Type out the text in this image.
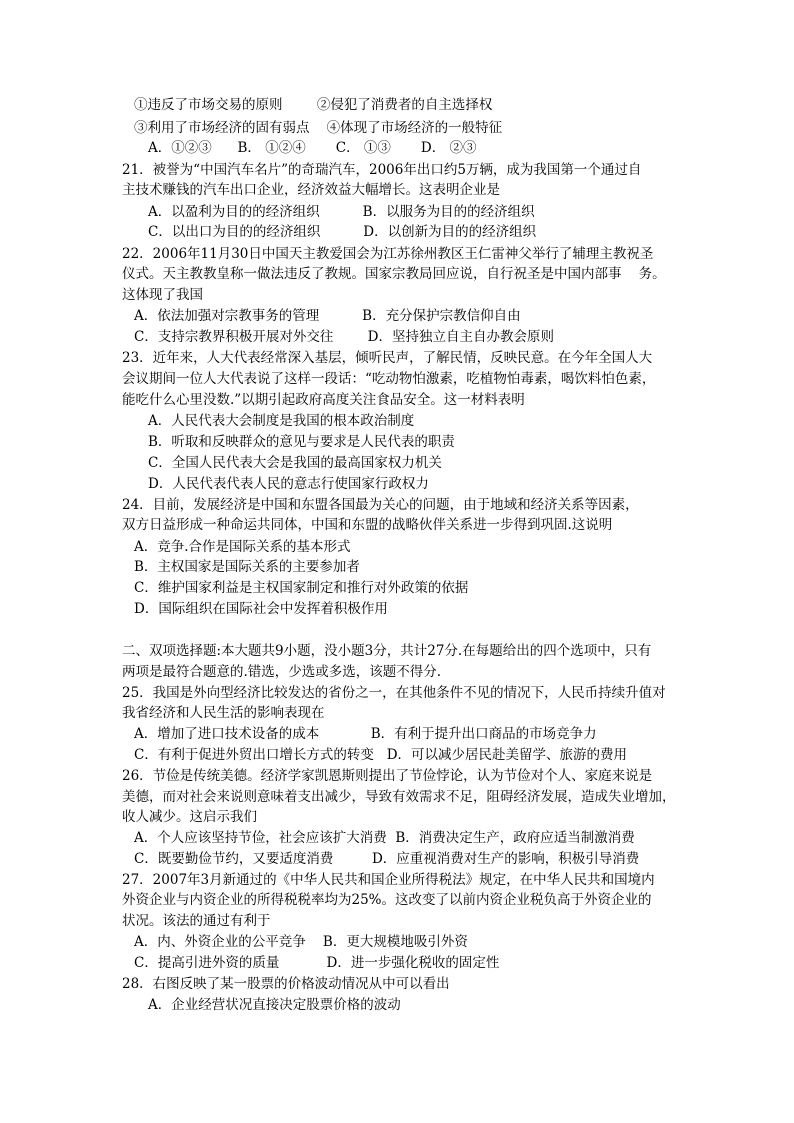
①违反了市场交易的原则        ②侵犯了消费者的自主选择权
③利用了市场经济的固有弱点    ④体现了市场经济的一般特征
A．①②③      B． ①②④       C． ①③       D． ②③
21．被誉为“中国汽车名片”的奇瑞汽车，2006年出口约5万辆，成为我国第一个通过自
主技术赚钱的汽车出口企业，经济效益大幅增长。这表明企业是
A．以盈利为目的的经济组织          B．以服务为目的的经济组织
C．以出口为目的的经济组织          D．以创新为目的的经济组织
22．2006年11月30日中国天主教爱国会为江苏徐州教区王仁雷神父举行了辅理主教祝圣
仪式。天主教教皇称一做法违反了教规。国家宗教局回应说，自行祝圣是中国内部事    务。
这体现了我国
A．依法加强对宗教事务的管理          B．充分保护宗教信仰自由
C．支持宗教界积极开展对外交往        D．坚持独立自主自办教会原则
23．近年来，人大代表经常深入基层，倾听民声，了解民情，反映民意。在今年全国人大
会议期间一位人大代表说了这样一段话：“吃动物怕激素，吃植物怕毒素，喝饮料怕色素，
能吃什么心里没数.”以期引起政府高度关注食品安全。这一材料表明
A．人民代表大会制度是我国的根本政治制度
B．听取和反映群众的意见与要求是人民代表的职责
C．全国人民代表大会是我国的最高国家权力机关
D．人民代表代表人民的意志行使国家行政权力
24．目前，发展经济是中国和东盟各国最为关心的问题，由于地域和经济关系等因素，
双方日益形成一种命运共同体，中国和东盟的战略伙伴关系进一步得到巩固.这说明
A．竞争.合作是国际关系的基本形式
B．主权国家是国际关系的主要参加者
C．维护国家利益是主权国家制定和推行对外政策的依据
D．国际组织在国际社会中发挥着积极作用
二、双项选择题:本大题共9小题，没小题3分，共计27分.在每题给出的四个选项中，只有
两项是最符合题意的.错选，少选或多选，该题不得分.
25．我国是外向型经济比较发达的省份之一，在其他条件不见的情况下，人民币持续升值对
我省经济和人民生活的影响表现在
A．增加了进口技术设备的成本            B．有利于提升出口商品的市场竞争力
C．有利于促进外贸出口增长方式的转变   D．可以减少居民赴美留学、旅游的费用
26．节俭是传统美德。经济学家凯恩斯则提出了节俭悖论，认为节俭对个人、家庭来说是
美德，而对社会来说则意味着支出减少，导致有效需求不足，阻碍经济发展，造成失业增加，
收人减少。这启示我们
A．个人应该坚持节俭，社会应该扩大消费  B．消费决定生产，政府应适当制激消费
C．既要勤俭节约，又要适度消费         D．应重视消费对生产的影响，积极引导消费
27．2007年3月新通过的《中华人民共和国企业所得税法》规定，在中华人民共和国境内
外资企业与内资企业的所得税税率均为25%。这改变了以前内资企业税负高于外资企业的
状况。该法的通过有利于
A．内、外资企业的公平竞争    B．更大规模地吸引外资
C．提高引进外资的质量           D．进一步强化税收的固定性
28．右图反映了某一股票的价格波动情况从中可以看出
A．企业经营状况直接决定股票价格的波动
